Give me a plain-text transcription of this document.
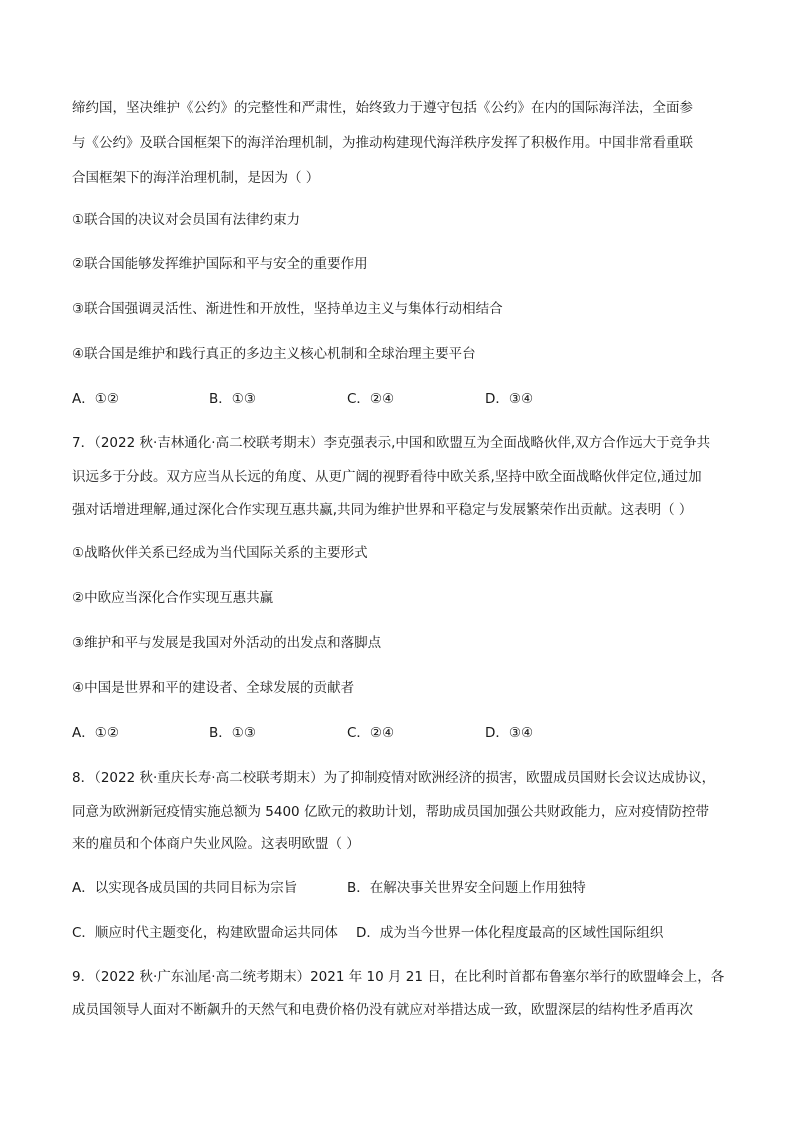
缔约国，坚决维护《公约》的完整性和严肃性，始终致力于遵守包括《公约》在内的国际海洋法，全面参
与《公约》及联合国框架下的海洋治理机制，为推动构建现代海洋秩序发挥了积极作用。中国非常看重联
合国框架下的海洋治理机制，是因为（ ）
①联合国的决议对会员国有法律约束力
②联合国能够发挥维护国际和平与安全的重要作用
③联合国强调灵活性、渐进性和开放性，坚持单边主义与集体行动相结合
④联合国是维护和践行真正的多边主义核心机制和全球治理主要平台
A．①②	B．①③	C．②④	D．③④
7．（2022 秋·吉林通化·高二校联考期末）李克强表示,中国和欧盟互为全面战略伙伴,双方合作远大于竞争共
识远多于分歧。双方应当从长远的角度、从更广阔的视野看待中欧关系,坚持中欧全面战略伙伴定位,通过加
强对话增进理解,通过深化合作实现互惠共赢,共同为维护世界和平稳定与发展繁荣作出贡献。这表明（ ）
①战略伙伴关系已经成为当代国际关系的主要形式
②中欧应当深化合作实现互惠共赢
③维护和平与发展是我国对外活动的出发点和落脚点
④中国是世界和平的建设者、全球发展的贡献者
A．①②	B．①③	C．②④	D．③④
8．（2022 秋·重庆长寿·高二校联考期末）为了抑制疫情对欧洲经济的损害，欧盟成员国财长会议达成协议，
同意为欧洲新冠疫情实施总额为 5400 亿欧元的救助计划，帮助成员国加强公共财政能力，应对疫情防控带
来的雇员和个体商户失业风险。这表明欧盟（ ）
A．以实现各成员国的共同目标为宗旨	B．在解决事关世界安全问题上作用独特
C．顺应时代主题变化，构建欧盟命运共同体 D．成为当今世界一体化程度最高的区域性国际组织
9．（2022 秋·广东汕尾·高二统考期末）2021 年 10 月 21 日，在比利时首都布鲁塞尔举行的欧盟峰会上，各
成员国领导人面对不断飙升的天然气和电费价格仍没有就应对举措达成一致，欧盟深层的结构性矛盾再次
